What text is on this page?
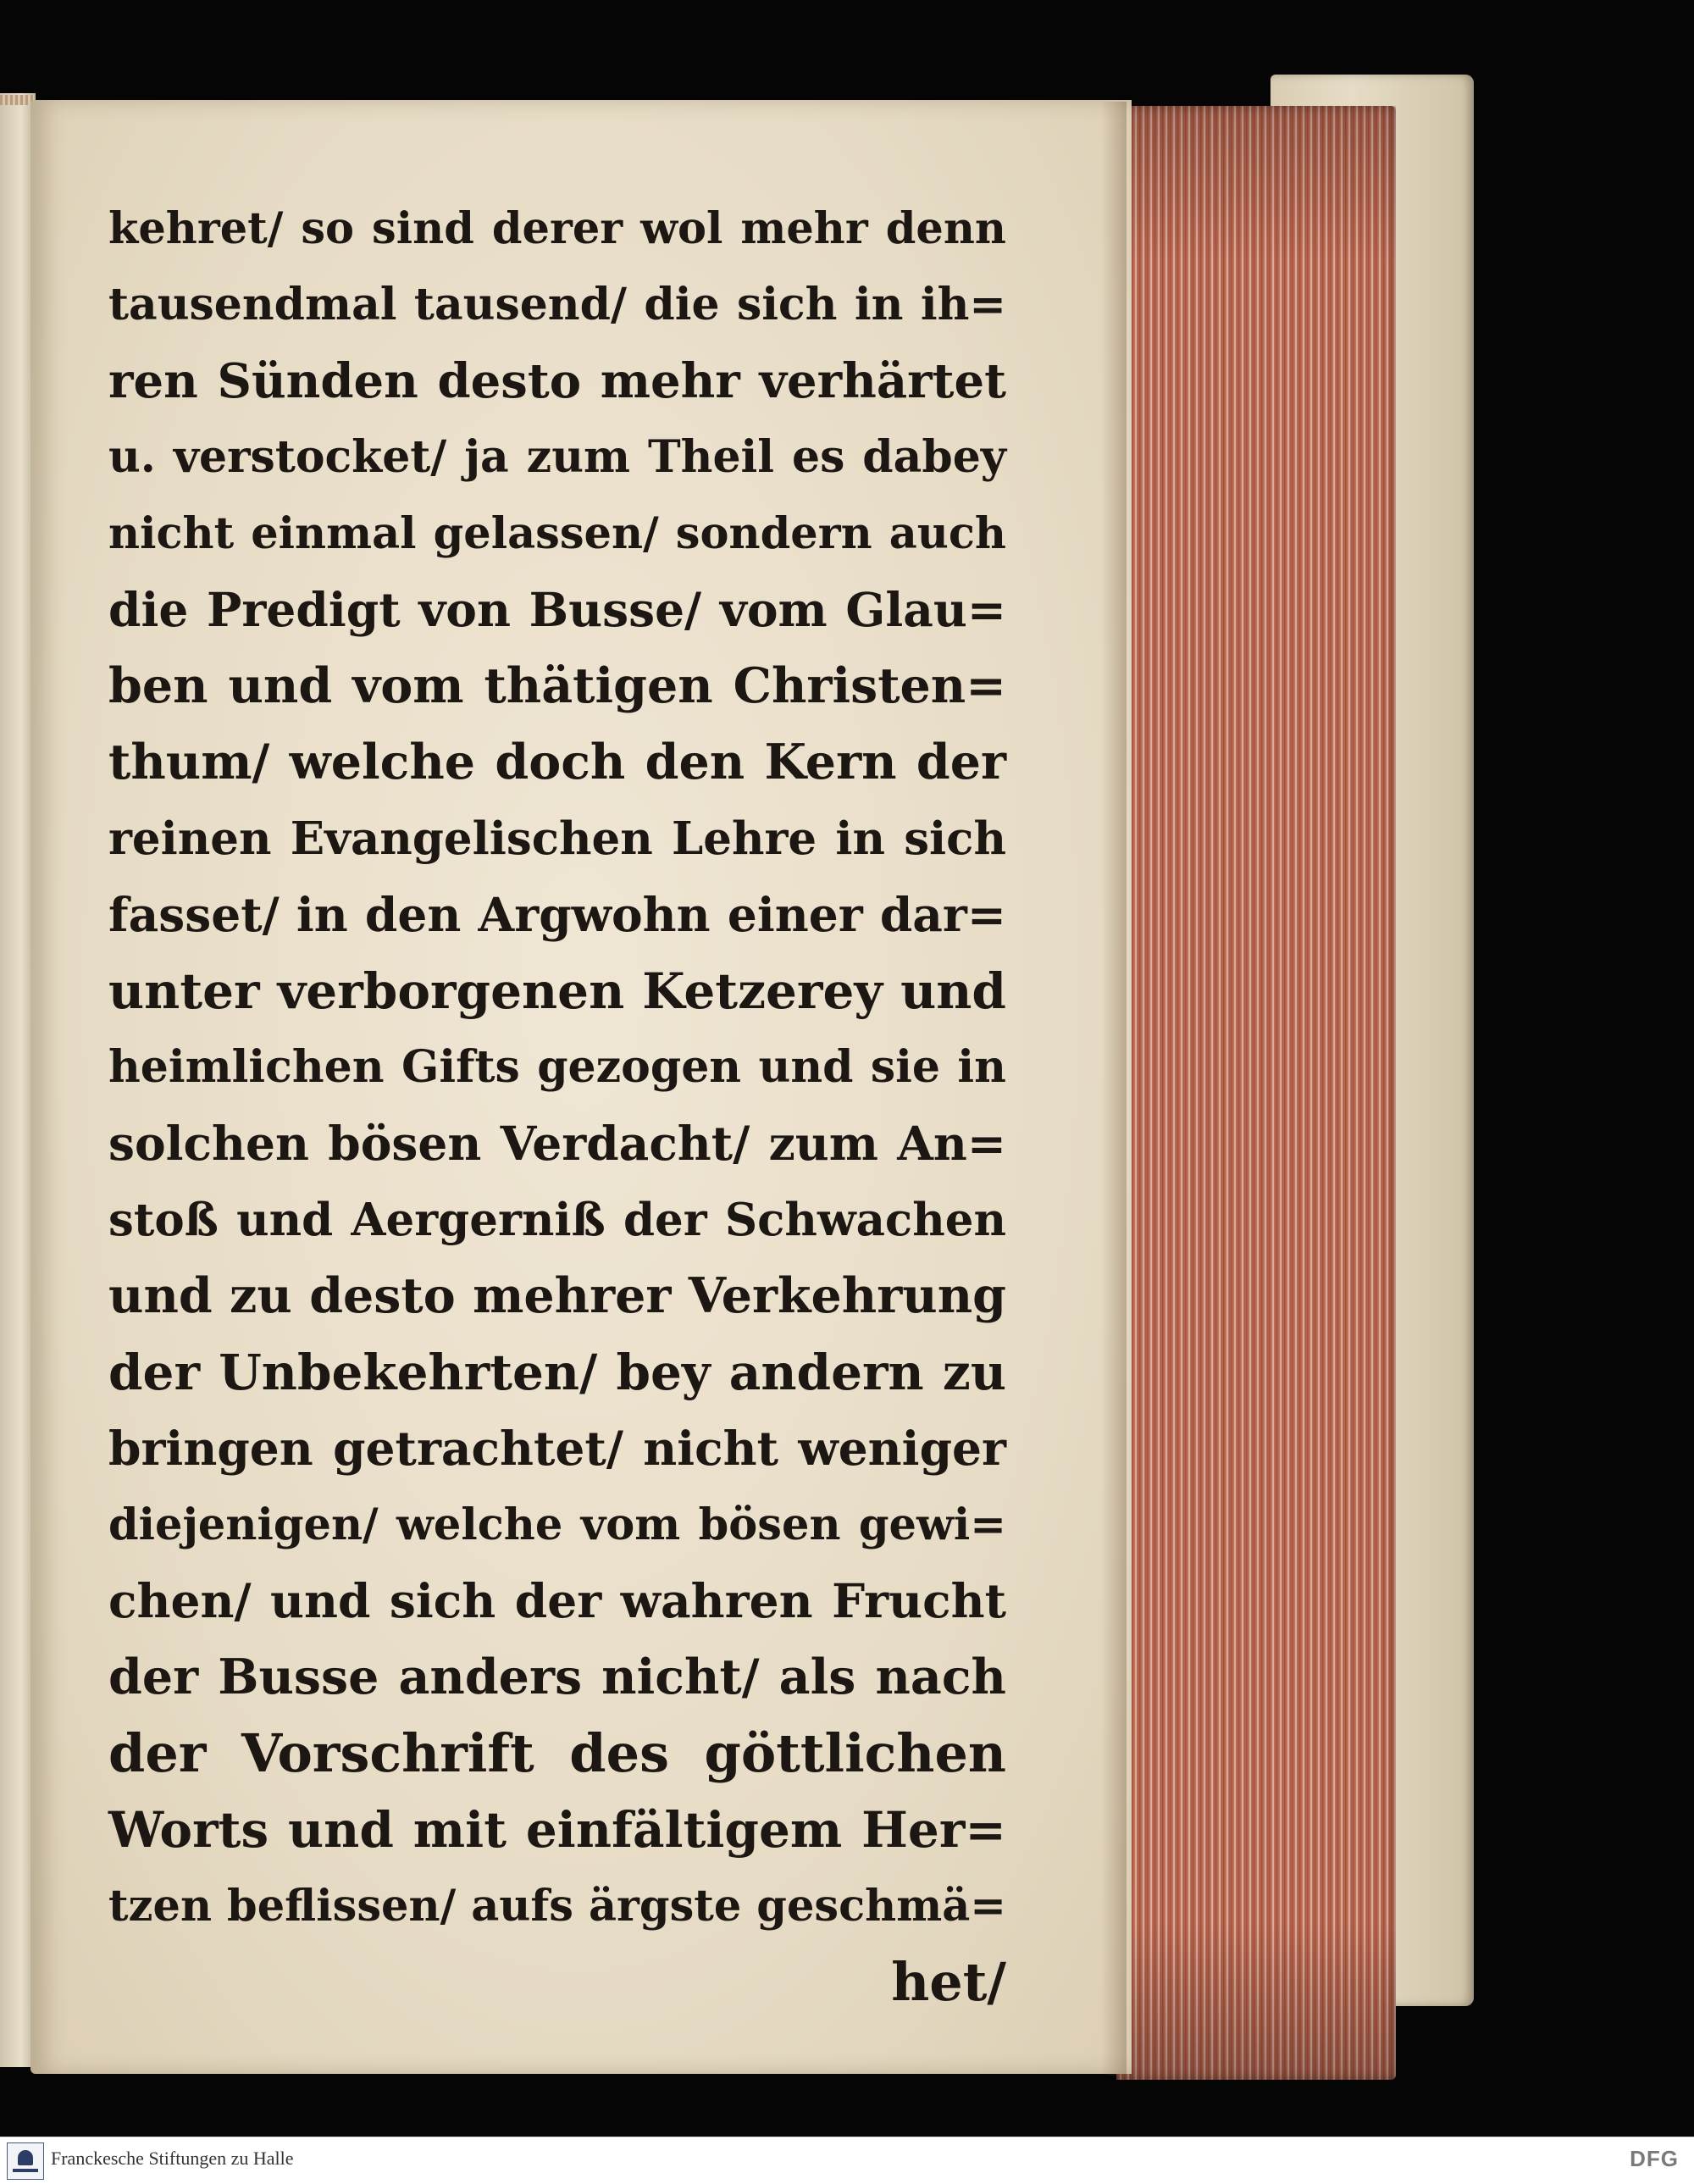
kehret/ so sind derer wol mehr denn
tausendmal tausend/ die sich in ih=
ren Sünden desto mehr verhärtet
u. verstocket/ ja zum Theil es dabey
nicht einmal gelassen/ sondern auch
die Predigt von Busse/ vom Glau=
ben und vom thätigen Christen=
thum/ welche doch den Kern der
reinen Evangelischen Lehre in sich
fasset/ in den Argwohn einer dar=
unter verborgenen Ketzerey und
heimlichen Gifts gezogen und sie in
solchen bösen Verdacht/ zum An=
stoß und Aergerniß der Schwachen
und zu desto mehrer Verkehrung
der Unbekehrten/ bey andern zu
bringen getrachtet/ nicht weniger
diejenigen/ welche vom bösen gewi=
chen/ und sich der wahren Frucht
der Busse anders nicht/ als nach
der Vorschrift des göttlichen
Worts und mit einfältigem Her=
tzen beflissen/ aufs ärgste geschmä=
het/
Franckesche Stiftungen zu Halle	DFG
